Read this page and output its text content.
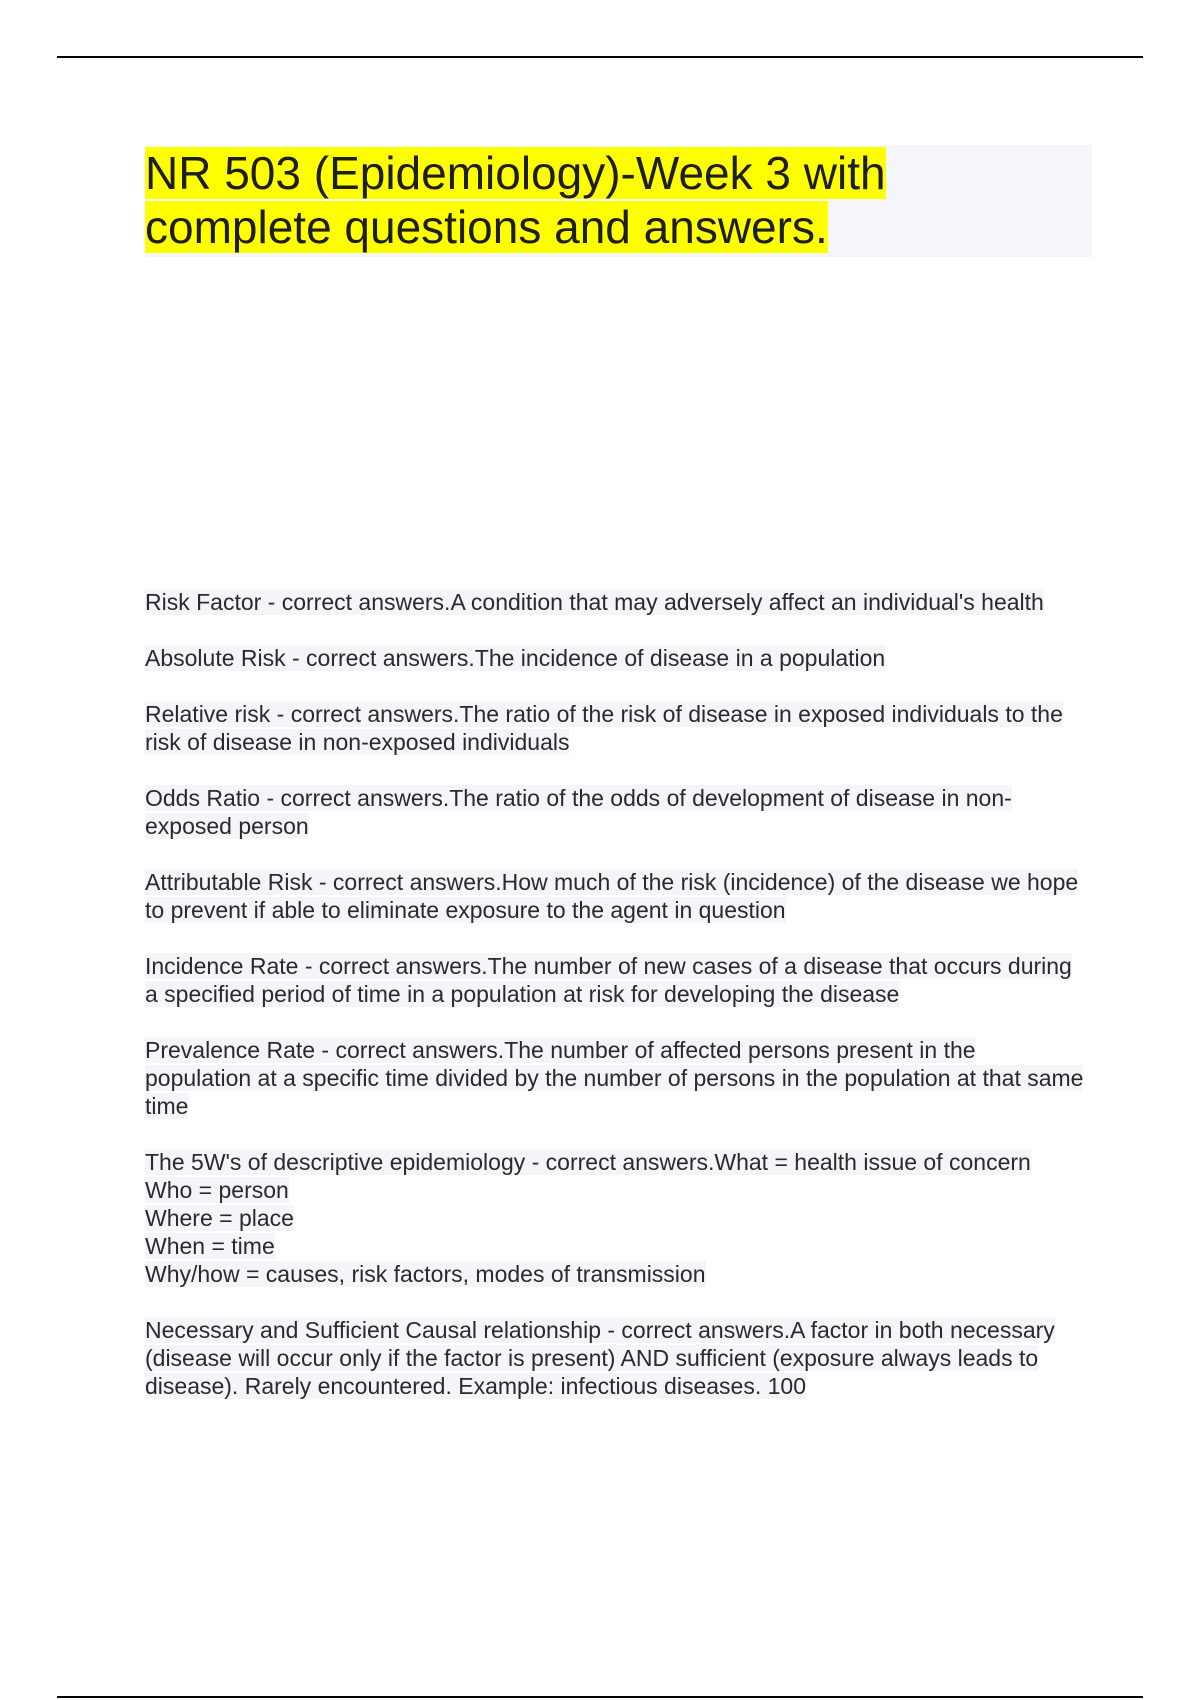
NR 503 (Epidemiology)-Week 3 with complete questions and answers.

Risk Factor - correct answers.A condition that may adversely affect an individual's health

Absolute Risk - correct answers.The incidence of disease in a population

Relative risk - correct answers.The ratio of the risk of disease in exposed individuals to the risk of disease in non-exposed individuals

Odds Ratio - correct answers.The ratio of the odds of development of disease in non-exposed person

Attributable Risk - correct answers.How much of the risk (incidence) of the disease we hope to prevent if able to eliminate exposure to the agent in question

Incidence Rate - correct answers.The number of new cases of a disease that occurs during a specified period of time in a population at risk for developing the disease

Prevalence Rate - correct answers.The number of affected persons present in the population at a specific time divided by the number of persons in the population at that same time

The 5W's of descriptive epidemiology - correct answers.What = health issue of concern
Who = person
Where = place
When = time
Why/how = causes, risk factors, modes of transmission

Necessary and Sufficient Causal relationship - correct answers.A factor in both necessary (disease will occur only if the factor is present) AND sufficient (exposure always leads to disease). Rarely encountered. Example: infectious diseases. 100
